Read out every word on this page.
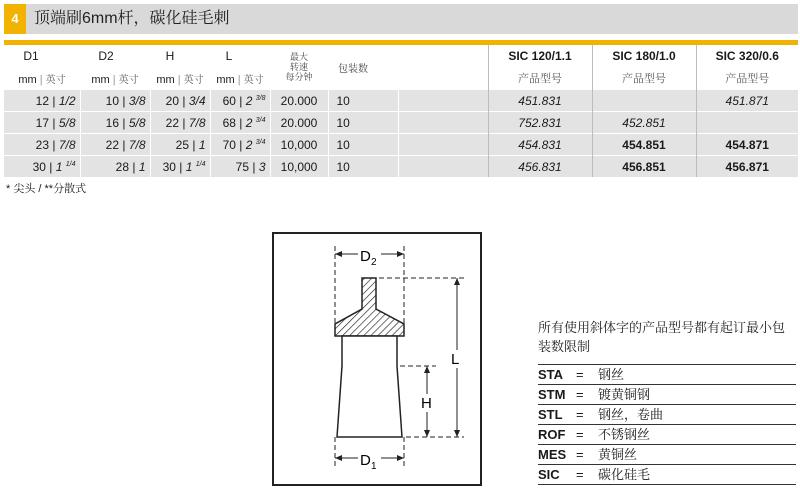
4 顶端刷6mm杆，碳化硅毛刺
D1	D2	H	L	最大
转速
每分钟	包装数		SIC 120/1.1	SIC 180/1.0	SIC 320/0.6
mm | 英寸	mm | 英寸	mm | 英寸	mm | 英寸				产品型号	产品型号	产品型号
12 | 1/2	10 | 3/8	20 | 3/4	60 | 2 $^{3/8}$	20.000	10		451.831		451.871
17 | 5/8	16 | 5/8	22 | 7/8	68 | 2 $^{3/4}$	20.000	10		752.831	452.851	
23 | 7/8	22 | 7/8	25 | 1	70 | 2 $^{3/4}$	10,000	10		454.831	454.851	454.871
30 | 1 $^{1/4}$	28 | 1	30 | 1 $^{1/4}$	75 | 3	10,000	10		456.831	456.851	456.871
* 尖头 / **分散式
D 2
L
H
D 1
所有使用斜体字的产品型号都有起订最小包装数限制
STA =	钢丝
STM =	镀黄铜钢
STL	=	钢丝，卷曲
ROF =	不锈钢丝
MES =	黄铜丝
SIC	=	碳化硅毛
